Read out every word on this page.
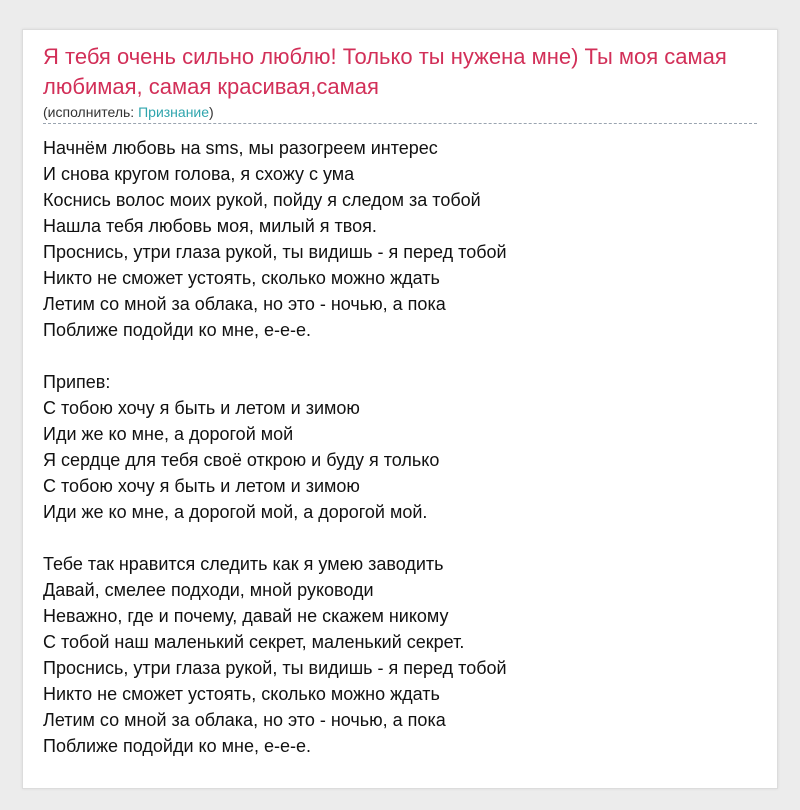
Я тебя очень сильно люблю! Только ты нужена мне) Ты моя самая любимая, самая красивая,самая
(исполнитель: Признание)
Начнём любовь на sms, мы разогреем интерес
И снова кругом голова, я схожу с ума
Коснись волос моих рукой, пойду я следом за тобой
Нашла тебя любовь моя, милый я твоя.
Проснись, утри глаза рукой, ты видишь - я перед тобой
Никто не сможет устоять, сколько можно ждать
Летим со мной за облака, но это - ночью, а пока
Поближе подойди ко мне, е-е-е.
Припев:
С тобою хочу я быть и летом и зимою
Иди же ко мне, а дорогой мой
Я сердце для тебя своё открою и буду я только
С тобою хочу я быть и летом и зимою
Иди же ко мне, а дорогой мой, а дорогой мой.
Тебе так нравится следить как я умею заводить
Давай, смелее подходи, мной руководи
Неважно, где и почему, давай не скажем никому
С тобой наш маленький секрет, маленький секрет.
Проснись, утри глаза рукой, ты видишь - я перед тобой
Никто не сможет устоять, сколько можно ждать
Летим со мной за облака, но это - ночью, а пока
Поближе подойди ко мне, е-е-е.
